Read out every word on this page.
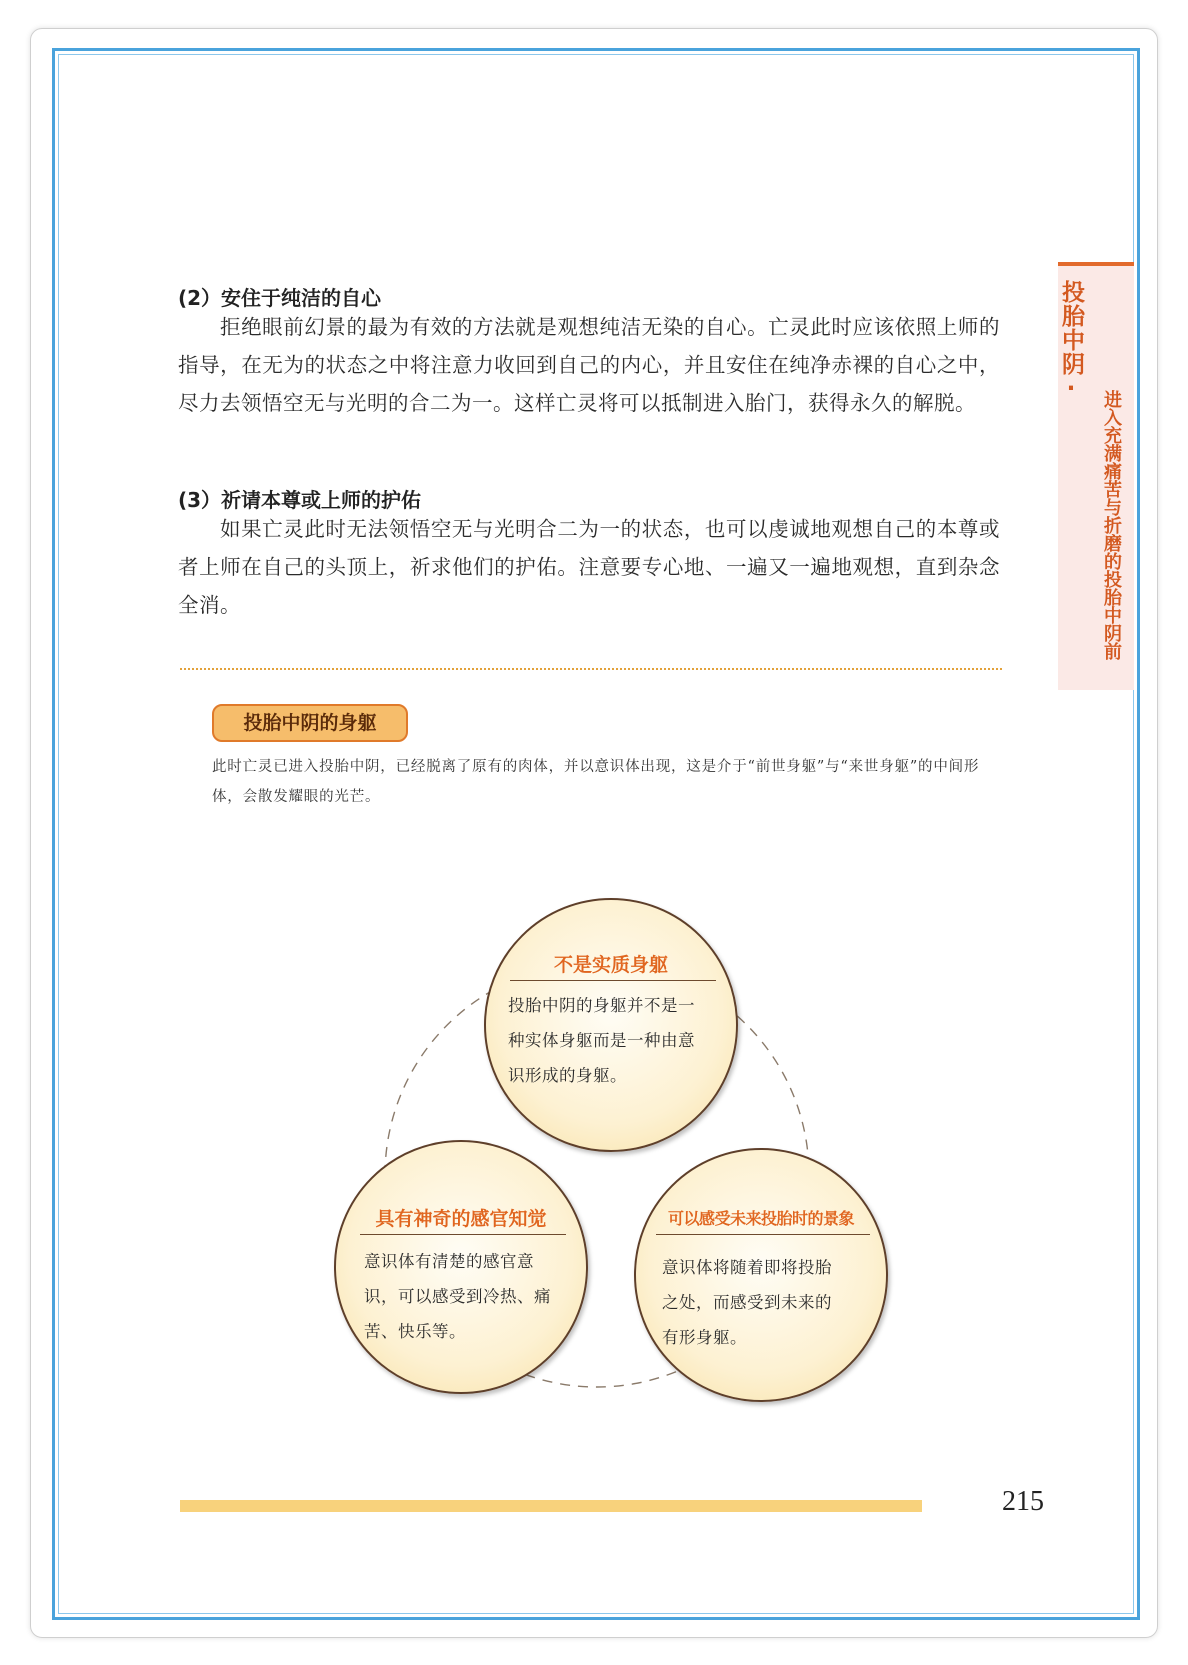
投胎中阴·
进入充满痛苦与折磨的投胎中阴前
(2）安住于纯洁的自心
拒绝眼前幻景的最为有效的方法就是观想纯洁无染的自心。亡灵此时应该依照上师的指导，在无为的状态之中将注意力收回到自己的内心，并且安住在纯净赤裸的自心之中，尽力去领悟空无与光明的合二为一。这样亡灵将可以抵制进入胎门，获得永久的解脱。
(3）祈请本尊或上师的护佑
如果亡灵此时无法领悟空无与光明合二为一的状态，也可以虔诚地观想自己的本尊或者上师在自己的头顶上，祈求他们的护佑。注意要专心地、一遍又一遍地观想，直到杂念全消。
投胎中阴的身躯
此时亡灵已进入投胎中阴，已经脱离了原有的肉体，并以意识体出现，这是介于“前世身躯”与“来世身躯”的中间形体，会散发耀眼的光芒。
不是实质身躯
投胎中阴的身躯并不是一
种实体身躯而是一种由意
识形成的身躯。
具有神奇的感官知觉
意识体有清楚的感官意
识，可以感受到冷热、痛
苦、快乐等。
可以感受未来投胎时的景象
意识体将随着即将投胎
之处，而感受到未来的
有形身躯。
215
